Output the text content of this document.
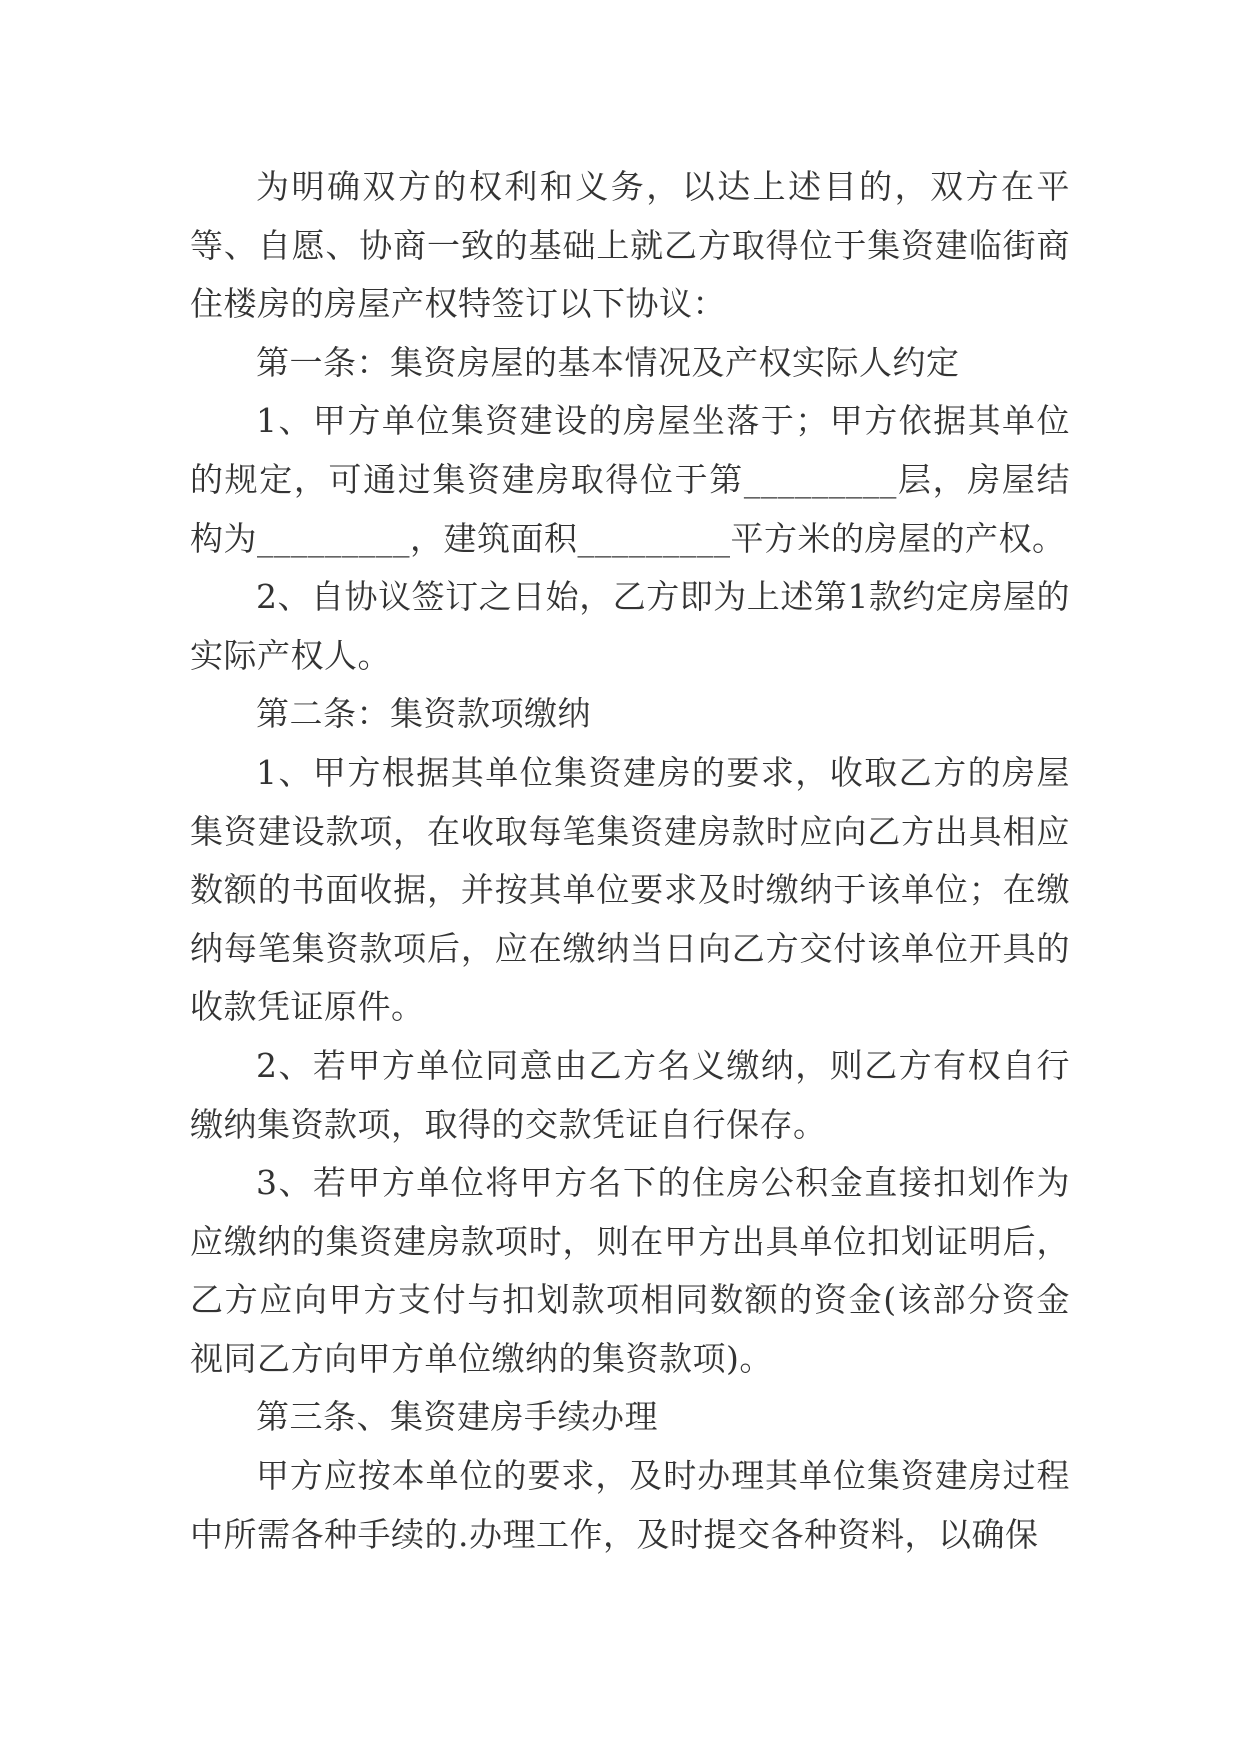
为明确双方的权利和义务，以达上述目的，双方在平等、自愿、协商一致的基础上就乙方取得位于集资建临街商住楼房的房屋产权特签订以下协议：

第一条：集资房屋的基本情况及产权实际人约定

1、甲方单位集资建设的房屋坐落于；甲方依据其单位的规定，可通过集资建房取得位于第_________层，房屋结构为_________，建筑面积_________平方米的房屋的产权。

2、自协议签订之日始，乙方即为上述第1款约定房屋的实际产权人。

第二条：集资款项缴纳

1、甲方根据其单位集资建房的要求，收取乙方的房屋集资建设款项，在收取每笔集资建房款时应向乙方出具相应数额的书面收据，并按其单位要求及时缴纳于该单位；在缴纳每笔集资款项后，应在缴纳当日向乙方交付该单位开具的收款凭证原件。

2、若甲方单位同意由乙方名义缴纳，则乙方有权自行缴纳集资款项，取得的交款凭证自行保存。

3、若甲方单位将甲方名下的住房公积金直接扣划作为应缴纳的集资建房款项时，则在甲方出具单位扣划证明后，乙方应向甲方支付与扣划款项相同数额的资金(该部分资金视同乙方向甲方单位缴纳的集资款项)。

第三条、集资建房手续办理

甲方应按本单位的要求，及时办理其单位集资建房过程中所需各种手续的.办理工作，及时提交各种资料，以确保
